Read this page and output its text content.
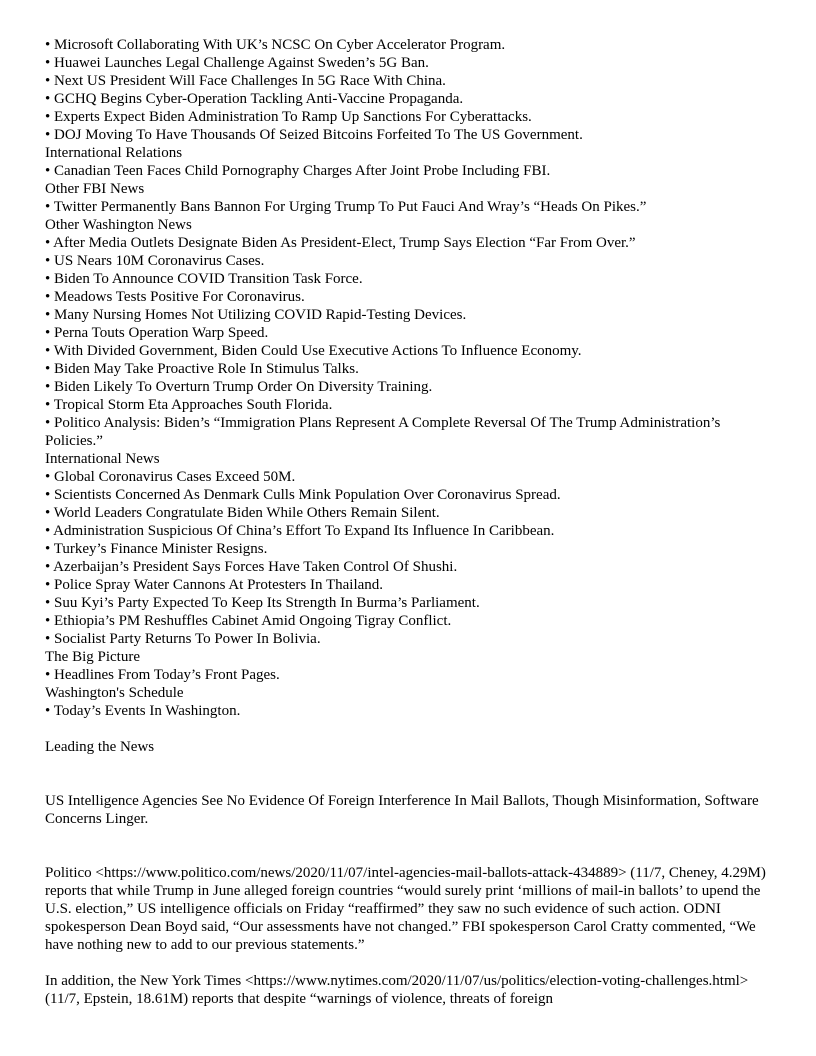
• Microsoft Collaborating With UK’s NCSC On Cyber Accelerator Program.
• Huawei Launches Legal Challenge Against Sweden’s 5G Ban.
• Next US President Will Face Challenges In 5G Race With China.
• GCHQ Begins Cyber-Operation Tackling Anti-Vaccine Propaganda.
• Experts Expect Biden Administration To Ramp Up Sanctions For Cyberattacks.
• DOJ Moving To Have Thousands Of Seized Bitcoins Forfeited To The US Government.
International Relations
• Canadian Teen Faces Child Pornography Charges After Joint Probe Including FBI.
Other FBI News
• Twitter Permanently Bans Bannon For Urging Trump To Put Fauci And Wray’s “Heads On Pikes.”
Other Washington News
• After Media Outlets Designate Biden As President-Elect, Trump Says Election “Far From Over.”
• US Nears 10M Coronavirus Cases.
• Biden To Announce COVID Transition Task Force.
• Meadows Tests Positive For Coronavirus.
• Many Nursing Homes Not Utilizing COVID Rapid-Testing Devices.
• Perna Touts Operation Warp Speed.
• With Divided Government, Biden Could Use Executive Actions To Influence Economy.
• Biden May Take Proactive Role In Stimulus Talks.
• Biden Likely To Overturn Trump Order On Diversity Training.
• Tropical Storm Eta Approaches South Florida.
• Politico Analysis: Biden’s “Immigration Plans Represent A Complete Reversal Of The Trump Administration’s Policies.”
International News
• Global Coronavirus Cases Exceed 50M.
• Scientists Concerned As Denmark Culls Mink Population Over Coronavirus Spread.
• World Leaders Congratulate Biden While Others Remain Silent.
• Administration Suspicious Of China’s Effort To Expand Its Influence In Caribbean.
• Turkey’s Finance Minister Resigns.
• Azerbaijan’s President Says Forces Have Taken Control Of Shushi.
• Police Spray Water Cannons At Protesters In Thailand.
• Suu Kyi’s Party Expected To Keep Its Strength In Burma’s Parliament.
• Ethiopia’s PM Reshuffles Cabinet Amid Ongoing Tigray Conflict.
• Socialist Party Returns To Power In Bolivia.
The Big Picture
• Headlines From Today’s Front Pages.
Washington's Schedule
• Today’s Events In Washington.
Leading the News
US Intelligence Agencies See No Evidence Of Foreign Interference In Mail Ballots, Though Misinformation, Software Concerns Linger.
Politico <https://www.politico.com/news/2020/11/07/intel-agencies-mail-ballots-attack-434889> (11/7, Cheney, 4.29M) reports that while Trump in June alleged foreign countries “would surely print ‘millions of mail-in ballots’ to upend the U.S. election,” US intelligence officials on Friday “reaffirmed” they saw no such evidence of such action. ODNI spokesperson Dean Boyd said, “Our assessments have not changed.” FBI spokesperson Carol Cratty commented, “We have nothing new to add to our previous statements.”
In addition, the New York Times <https://www.nytimes.com/2020/11/07/us/politics/election-voting-challenges.html> (11/7, Epstein, 18.61M) reports that despite “warnings of violence, threats of foreign
